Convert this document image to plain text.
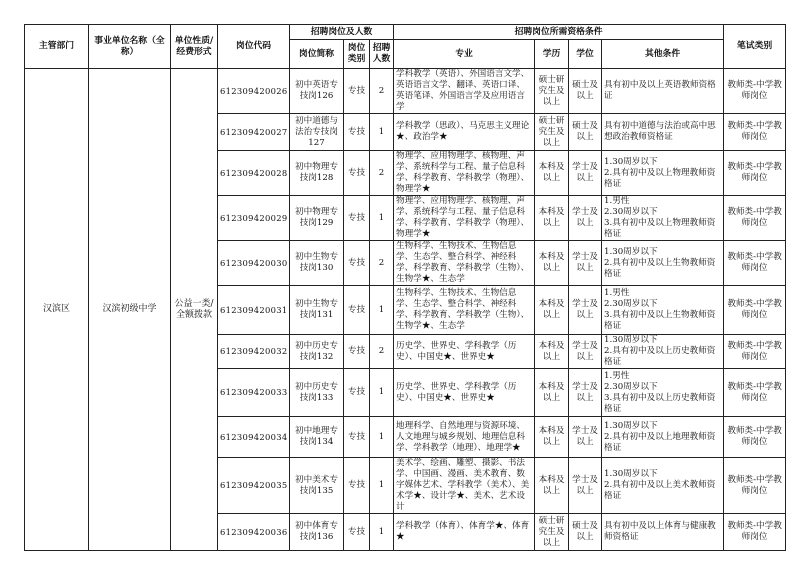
主管部门	事业单位名称（全称）	单位性质/经费形式	岗位代码	招聘岗位及人数			招聘岗位所需资格条件				笔试类别
				岗位简称	岗位类别	招聘人数	专业	学历	学位	其他条件	
汉滨区	汉滨初级中学	公益一类/全额拨款	612309420026	初中英语专技岗126	专技	2	学科教学（英语）、外国语言文学、英语语言文学、翻译、英语口译、英语笔译、外国语言学及应用语言学	硕士研究生及以上	硕士及以上	具有初中及以上英语教师资格证	教师类-中学教师岗位
			612309420027	初中道德与法治专技岗127	专技	1	学科教学（思政）、马克思主义理论★、政治学★	硕士研究生及以上	硕士及以上	具有初中道德与法治或高中思想政治教师资格证	教师类-中学教师岗位
			612309420028	初中物理专技岗128	专技	2	物理学、应用物理学、核物理、声学、系统科学与工程、量子信息科学、科学教育、学科教学（物理）、物理学★	本科及以上	学士及以上	1.30周岁以下
2.具有初中及以上物理教师资格证	教师类-中学教师岗位
			612309420029	初中物理专技岗129	专技	1	物理学、应用物理学、核物理、声学、系统科学与工程、量子信息科学、科学教育、学科教学（物理）、物理学★	本科及以上	学士及以上	1.男性
2.30周岁以下
3.具有初中及以上物理教师资格证	教师类-中学教师岗位
			612309420030	初中生物专技岗130	专技	2	生物科学、生物技术、生物信息学、生态学、整合科学、神经科学、科学教育、学科教学（生物）、生物学★、生态学	本科及以上	学士及以上	1.30周岁以下
2.具有初中及以上生物教师资格证	教师类-中学教师岗位
			612309420031	初中生物专技岗131	专技	1	生物科学、生物技术、生物信息学、生态学、整合科学、神经科学、科学教育、学科教学（生物）、生物学★、生态学	本科及以上	学士及以上	1.男性
2.30周岁以下
3.具有初中及以上生物教师资格证	教师类-中学教师岗位
			612309420032	初中历史专技岗132	专技	2	历史学、世界史、学科教学（历史）、中国史★、世界史★	本科及以上	学士及以上	1.30周岁以下
2.具有初中及以上历史教师资格证	教师类-中学教师岗位
			612309420033	初中历史专技岗133	专技	1	历史学、世界史、学科教学（历史）、中国史★、世界史★	本科及以上	学士及以上	1.男性
2.30周岁以下
3.具有初中及以上历史教师资格证	教师类-中学教师岗位
			612309420034	初中地理专技岗134	专技	1	地理科学、自然地理与资源环境、人文地理与城乡规划、地理信息科学、学科教学（地理）、地理学★	本科及以上	学士及以上	1.30周岁以下
2.具有初中及以上地理教师资格证	教师类-中学教师岗位
			612309420035	初中美术专技岗135	专技	1	美术学、绘画、雕塑、摄影、书法学、中国画、漫画、美术教育、数字媒体艺术、学科教学（美术）、美术学★、设计学★、美术、艺术设计	本科及以上	学士及以上	1.30周岁以下
2.具有初中及以上美术教师资格证	教师类-中学教师岗位
			612309420036	初中体育专技岗136	专技	1	学科教学（体育）、体育学★、体育★	硕士研究生及以上	硕士及以上	具有初中及以上体育与健康教师资格证	教师类-中学教师岗位
